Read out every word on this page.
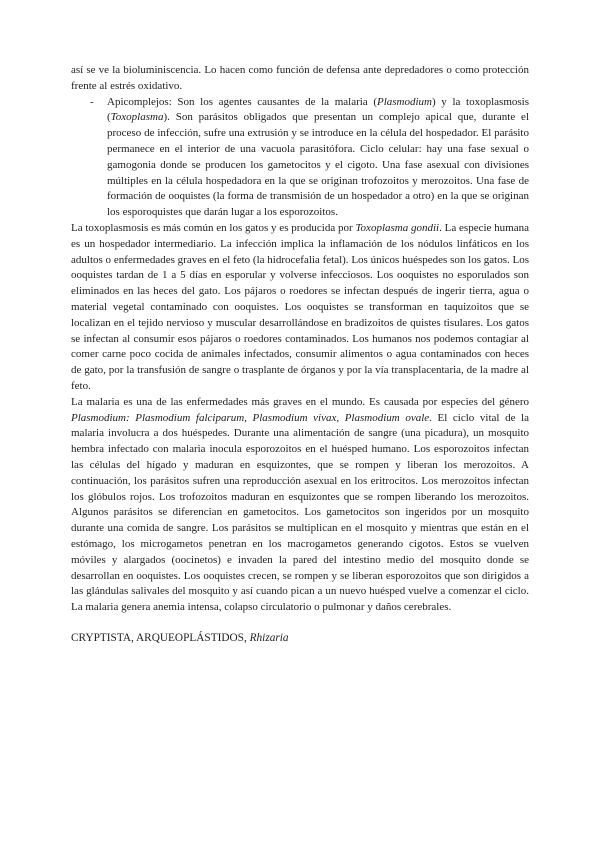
así se ve la bioluminiscencia. Lo hacen como función de defensa ante depredadores o como protección frente al estrés oxidativo.

-	Apicomplejos: Son los agentes causantes de la malaria (Plasmodium) y la toxoplasmosis (Toxoplasma). Son parásitos obligados que presentan un complejo apical que, durante el proceso de infección, sufre una extrusión y se introduce en la célula del hospedador. El parásito permanece en el interior de una vacuola parasitófora. Ciclo celular: hay una fase sexual o gamogonia donde se producen los gametocitos y el cigoto. Una fase asexual con divisiones múltiples en la célula hospedadora en la que se originan trofozoitos y merozoitos. Una fase de formación de ooquistes (la forma de transmisión de un hospedador a otro) en la que se originan los esporoquistes que darán lugar a los esporozoitos.

La toxoplasmosis es más común en los gatos y es producida por Toxoplasma gondii. La especie humana es un hospedador intermediario. La infección implica la inflamación de los nódulos linfáticos en los adultos o enfermedades graves en el feto (la hidrocefalia fetal). Los únicos huéspedes son los gatos. Los ooquistes tardan de 1 a 5 días en esporular y volverse infecciosos. Los ooquistes no esporulados son eliminados en las heces del gato. Los pájaros o roedores se infectan después de ingerir tierra, agua o material vegetal contaminado con ooquistes. Los ooquistes se transforman en taquizoitos que se localizan en el tejido nervioso y muscular desarrollándose en bradizoitos de quistes tisulares. Los gatos se infectan al consumir esos pájaros o roedores contaminados. Los humanos nos podemos contagiar al comer carne poco cocida de animales infectados, consumir alimentos o agua contaminados con heces de gato, por la transfusión de sangre o trasplante de órganos y por la vía transplacentaria, de la madre al feto.

La malaria es una de las enfermedades más graves en el mundo. Es causada por especies del género Plasmodium: Plasmodium falciparum, Plasmodium vivax, Plasmodium ovale. El ciclo vital de la malaria involucra a dos huéspedes. Durante una alimentación de sangre (una picadura), un mosquito hembra infectado con malaria inocula esporozoitos en el huésped humano. Los esporozoitos infectan las células del hígado y maduran en esquizontes, que se rompen y liberan los merozoitos. A continuación, los parásitos sufren una reproducción asexual en los eritrocitos. Los merozoitos infectan los glóbulos rojos. Los trofozoitos maduran en esquizontes que se rompen liberando los merozoitos. Algunos parásitos se diferencian en gametocitos. Los gametocitos son ingeridos por un mosquito durante una comida de sangre. Los parásitos se multiplican en el mosquito y mientras que están en el estómago, los microgametos penetran en los macrogametos generando cigotos. Estos se vuelven móviles y alargados (oocinetos) e invaden la pared del intestino medio del mosquito donde se desarrollan en ooquistes. Los ooquistes crecen, se rompen y se liberan esporozoitos que son dirigidos a las glándulas salivales del mosquito y así cuando pican a un nuevo huésped vuelve a comenzar el ciclo. La malaria genera anemia intensa, colapso circulatorio o pulmonar y daños cerebrales.

CRYPTISTA, ARQUEOPLÁSTIDOS, Rhizaria
